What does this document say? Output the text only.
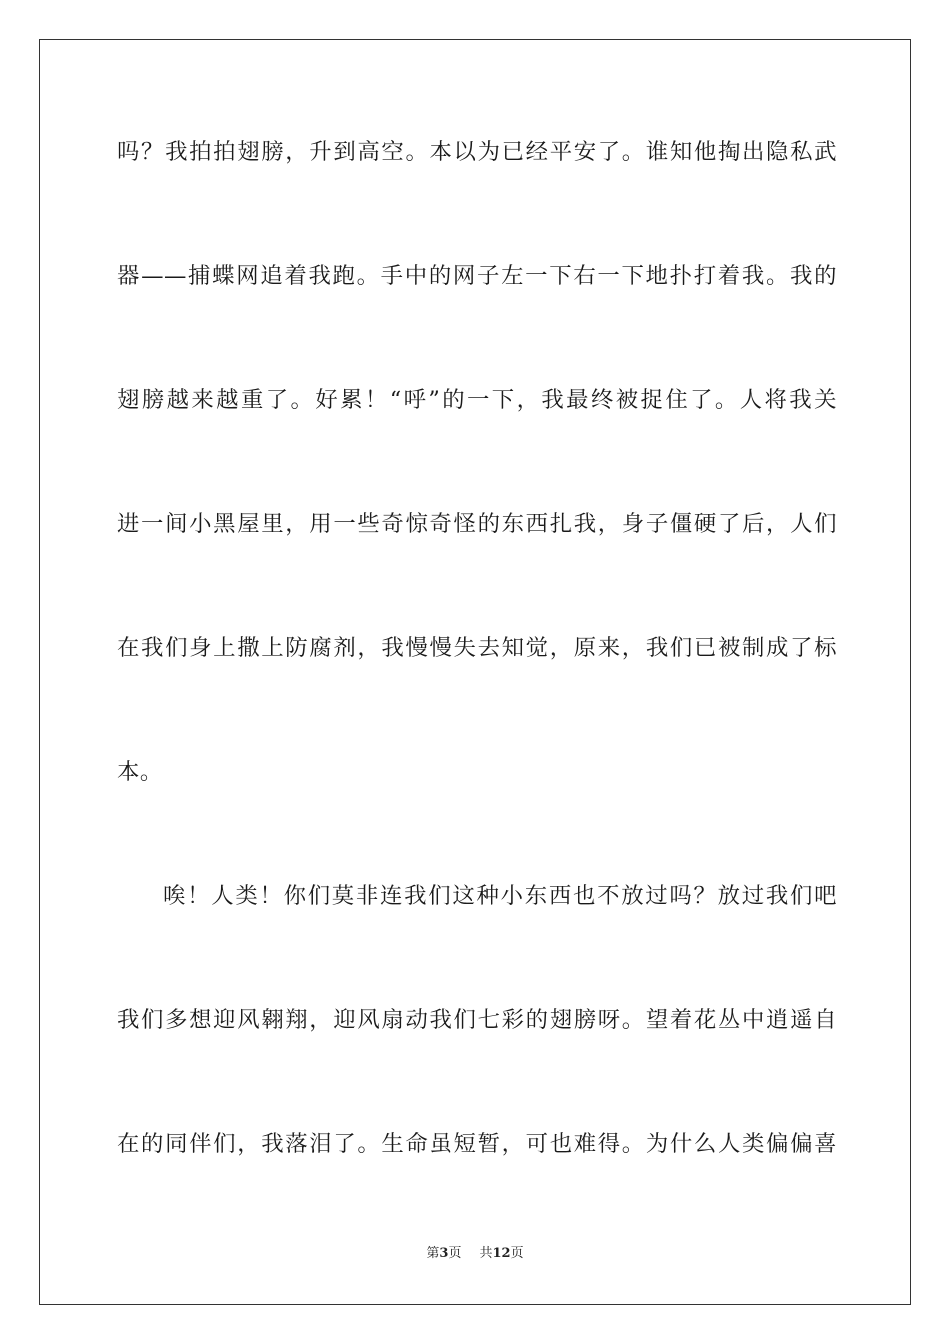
吗？我拍拍翅膀，升到高空。本以为已经平安了。谁知他掏出隐私武
器——捕蝶网追着我跑。手中的网子左一下右一下地扑打着我。我的
翅膀越来越重了。好累！“呼”的一下，我最终被捉住了。人将我关
进一间小黑屋里，用一些奇惊奇怪的东西扎我，身子僵硬了后，人们
在我们身上撒上防腐剂，我慢慢失去知觉，原来，我们已被制成了标
本。
唉！人类！你们莫非连我们这种小东西也不放过吗？放过我们吧
我们多想迎风翱翔，迎风扇动我们七彩的翅膀呀。望着花丛中逍遥自
在的同伴们，我落泪了。生命虽短暂，可也难得。为什么人类偏偏喜
第3页 共12页
